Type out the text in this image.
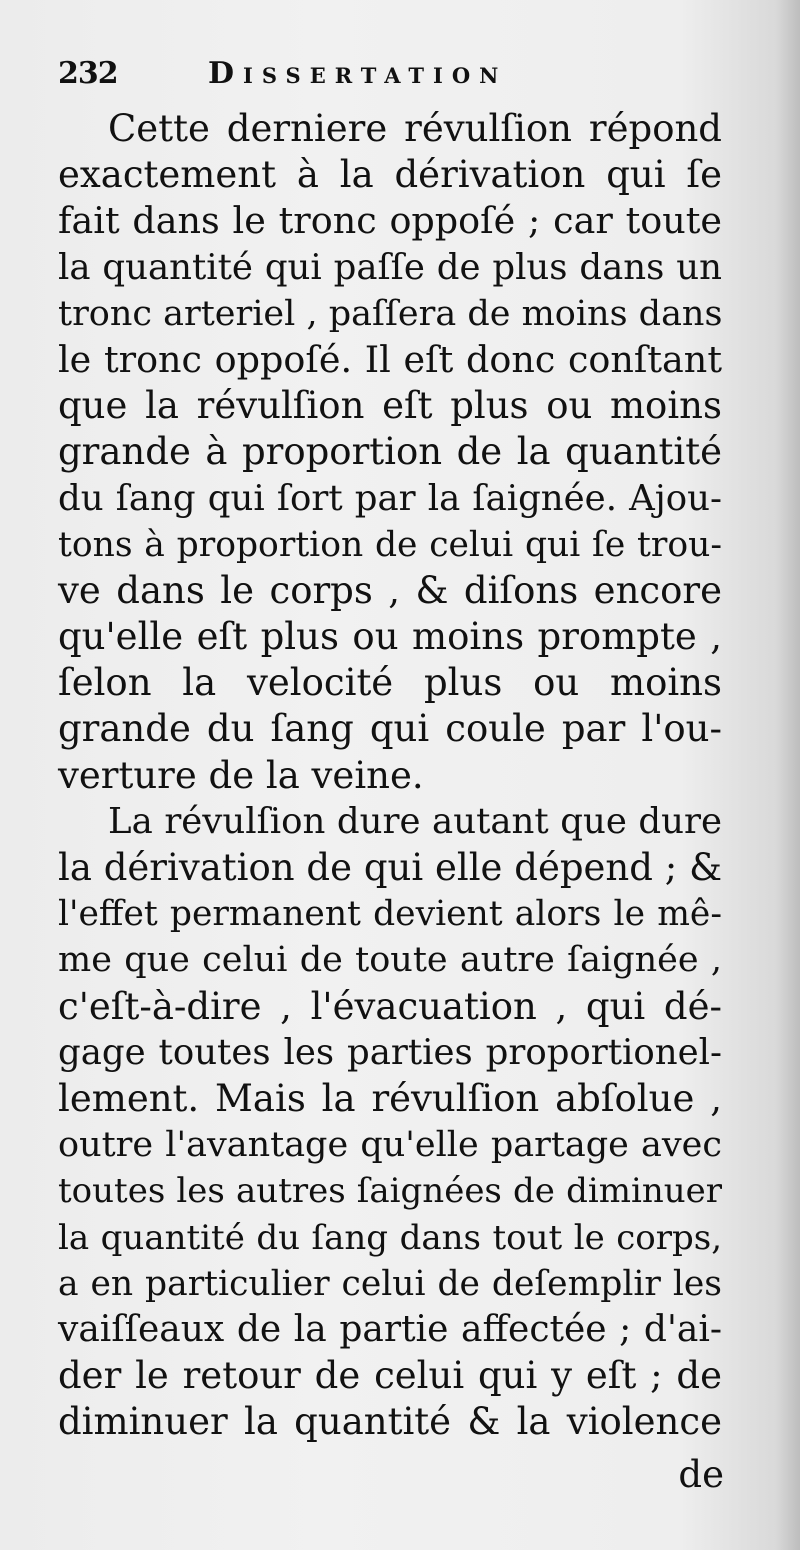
232	Dissertation
Cette derniere révulſion répond
exactement à la dérivation qui ſe
fait dans le tronc oppoſé ; car toute
la quantité qui paſſe de plus dans un
tronc arteriel , paſſera de moins dans
le tronc oppoſé. Il eſt donc conſtant
que la révulſion eſt plus ou moins
grande à proportion de la quantité
du ſang qui ſort par la ſaignée. Ajou-
tons à proportion de celui qui ſe trou-
ve dans le corps , & diſons encore
qu'elle eſt plus ou moins prompte ,
ſelon la velocité plus ou moins
grande du ſang qui coule par l'ou-
verture de la veine.
La révulſion dure autant que dure
la dérivation de qui elle dépend ; &
l'effet permanent devient alors le mê-
me que celui de toute autre ſaignée ,
c'eſt-à-dire , l'évacuation , qui dé-
gage toutes les parties proportionel-
lement. Mais la révulſion abſolue ,
outre l'avantage qu'elle partage avec
toutes les autres ſaignées de diminuer
la quantité du ſang dans tout le corps,
a en particulier celui de deſemplir les
vaiſſeaux de la partie affectée ; d'ai-
der le retour de celui qui y eſt ; de
diminuer la quantité & la violence
de
